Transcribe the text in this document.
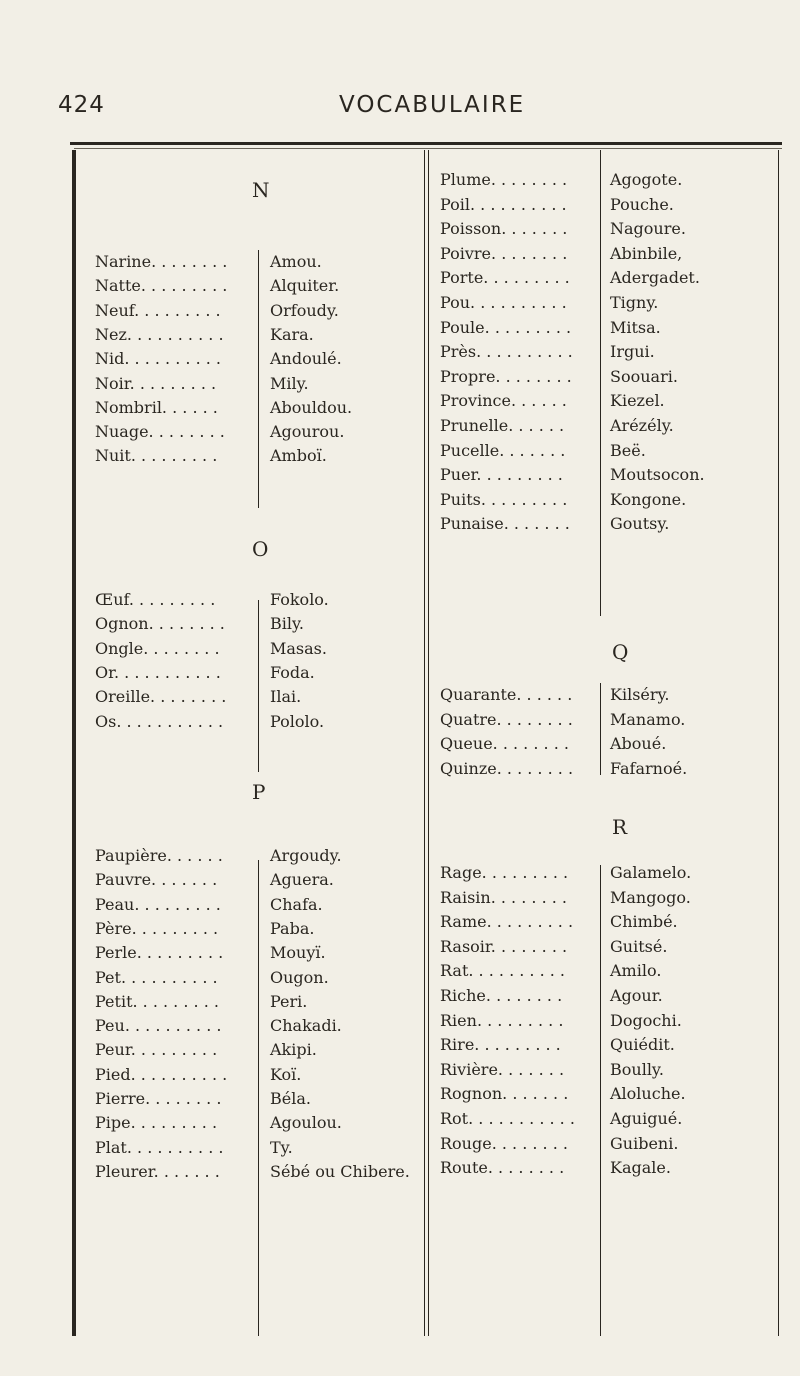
424	VOCABULAIRE
N
Narine. . . . . . . .	Amou.
Natte. . . . . . . . .	Alquiter.
Neuf. . . . . . . . .	Orfoudy.
Nez. . . . . . . . . .	Kara.
Nid. . . . . . . . . .	Andoulé.
Noir. . . . . . . . .	Mily.
Nombril. . . . . .	Abouldou.
Nuage. . . . . . . .	Agourou.
Nuit. . . . . . . . .	Amboï.
O
Œuf. . . . . . . . .	Fokolo.
Ognon. . . . . . . .	Bily.
Ongle. . . . . . . .	Masas.
Or. . . . . . . . . . .	Foda.
Oreille. . . . . . . .	Ilai.
Os. . . . . . . . . . .	Pololo.
P
Paupière. . . . . .	Argoudy.
Pauvre. . . . . . .	Aguera.
Peau. . . . . . . . .	Chafa.
Père. . . . . . . . .	Paba.
Perle. . . . . . . . .	Mouyï.
Pet. . . . . . . . . .	Ougon.
Petit. . . . . . . . .	Peri.
Peu. . . . . . . . . .	Chakadi.
Peur. . . . . . . . .	Akipi.
Pied. . . . . . . . . .	Koï.
Pierre. . . . . . . .	Béla.
Pipe. . . . . . . . .	Agoulou.
Plat. . . . . . . . . .	Ty.
Pleurer. . . . . . .	Sébé ou Chibere.
Plume. . . . . . . .	Agogote.
Poil. . . . . . . . . .	Pouche.
Poisson. . . . . . .	Nagoure.
Poivre. . . . . . . .	Abinbile,
Porte. . . . . . . . .	Adergadet.
Pou. . . . . . . . . .	Tigny.
Poule. . . . . . . . . Mitsa.
Près. . . . . . . . . . Irgui.
Propre. . . . . . . . Soouari.
Province. . . . . .	Kiezel.
Prunelle. . . . . .	Arézély.
Pucelle. . . . . . .	Beë.
Puer. . . . . . . . .	Moutsocon.
Puits. . . . . . . . .	Kongone.
Punaise. . . . . . .	Goutsy.
Q
Quarante. . . . . . Kilséry.
Quatre. . . . . . . . Manamo.
Queue. . . . . . . .	Aboué.
Quinze. . . . . . . . Fafarnoé.
R
Rage. . . . . . . . .	Galamelo.
Raisin. . . . . . . .	Mangogo.
Rame. . . . . . . . . Chimbé.
Rasoir. . . . . . . .	Guitsé.
Rat. . . . . . . . . .	Amilo.
Riche. . . . . . . .	Agour.
Rien. . . . . . . . .	Dogochi.
Rire. . . . . . . . .	Quiédit.
Rivière. . . . . . .	Boully.
Rognon. . . . . . .	Aloluche.
Rot. . . . . . . . . . . Aguigué.
Rouge. . . . . . . .	Guibeni.
Route. . . . . . . .	Kagale.
